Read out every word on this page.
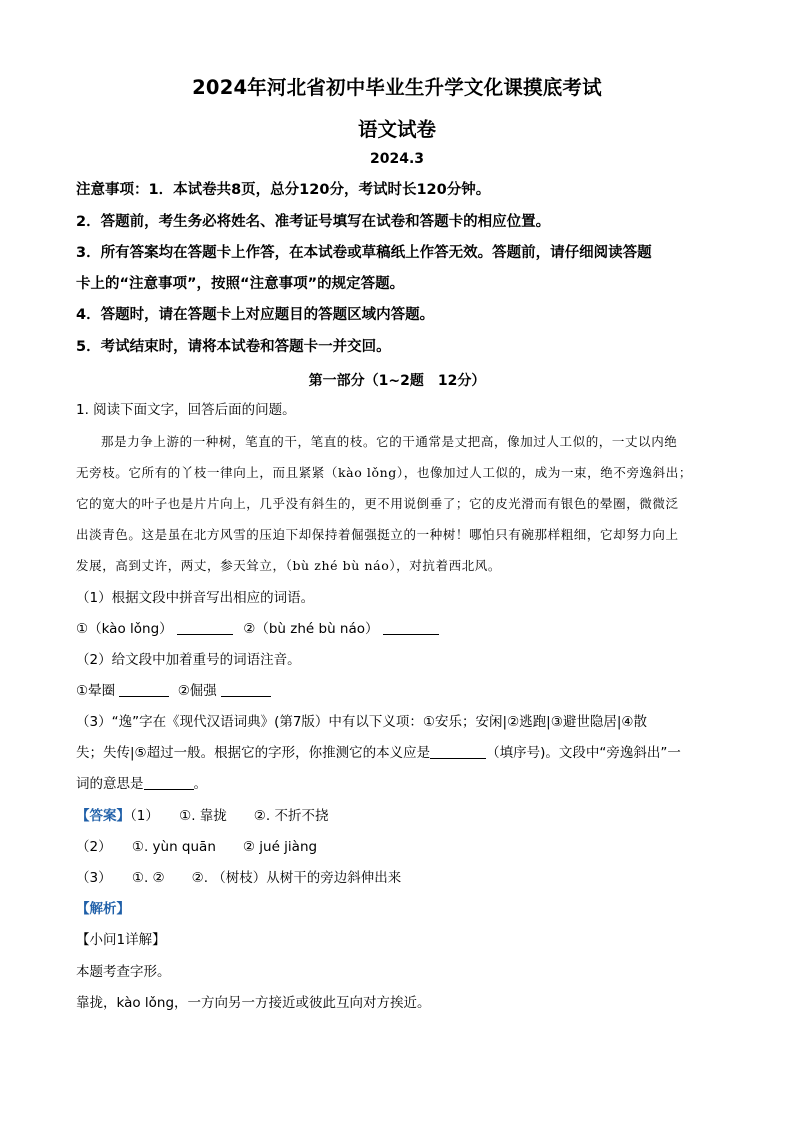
2024年河北省初中毕业生升学文化课摸底考试
语文试卷
2024.3
注意事项：1．本试卷共8页，总分120分，考试时长120分钟。
2．答题前，考生务必将姓名、准考证号填写在试卷和答题卡的相应位置。
3．所有答案均在答题卡上作答，在本试卷或草稿纸上作答无效。答题前，请仔细阅读答题
卡上的“注意事项”，按照“注意事项”的规定答题。
4．答题时，请在答题卡上对应题目的答题区域内答题。
5．考试结束时，请将本试卷和答题卡一并交回。
第一部分（1~2题　12分）
1. 阅读下面文字，回答后面的问题。
那是力争上游的一种树，笔直的干，笔直的枝。它的干通常是丈把高，像加过人工似的，一丈以内绝
无旁枝。它所有的丫枝一律向上，而且紧紧（kào lǒng），也像加过人工似的，成为一束，绝不旁逸斜出；
它的宽大的叶子也是片片向上，几乎没有斜生的，更不用说倒垂了；它的皮光滑而有银色的晕圈，微微泛
出淡青色。这是虽在北方风雪的压迫下却保持着倔强挺立的一种树！哪怕只有碗那样粗细，它却努力向上
发展，高到丈许，两丈，参天耸立，（bù zhé bù náo），对抗着西北风。
（1）根据文段中拼音写出相应的词语。
①（kào lǒng）	②（bù zhé bù náo）
（2）给文段中加着重号的词语注音。
①晕圈	②倔强
（3）“逸”字在《现代汉语词典》(第7版）中有以下义项：①安乐；安闲|②逃跑|③避世隐居|④散
失；失传|⑤超过一般。根据它的字形，你推测它的本义应是	（填序号)。文段中“旁逸斜出”一
词的意思是	。
【答案】（1）　　①. 靠拢　　②. 不折不挠
（2）　　①. yùn quān　　② jué jiàng
（3）　　①. ②　　②. （树枝）从树干的旁边斜伸出来
【解析】
【小问1详解】
本题考查字形。
靠拢，kào lǒng，一方向另一方接近或彼此互向对方挨近。
